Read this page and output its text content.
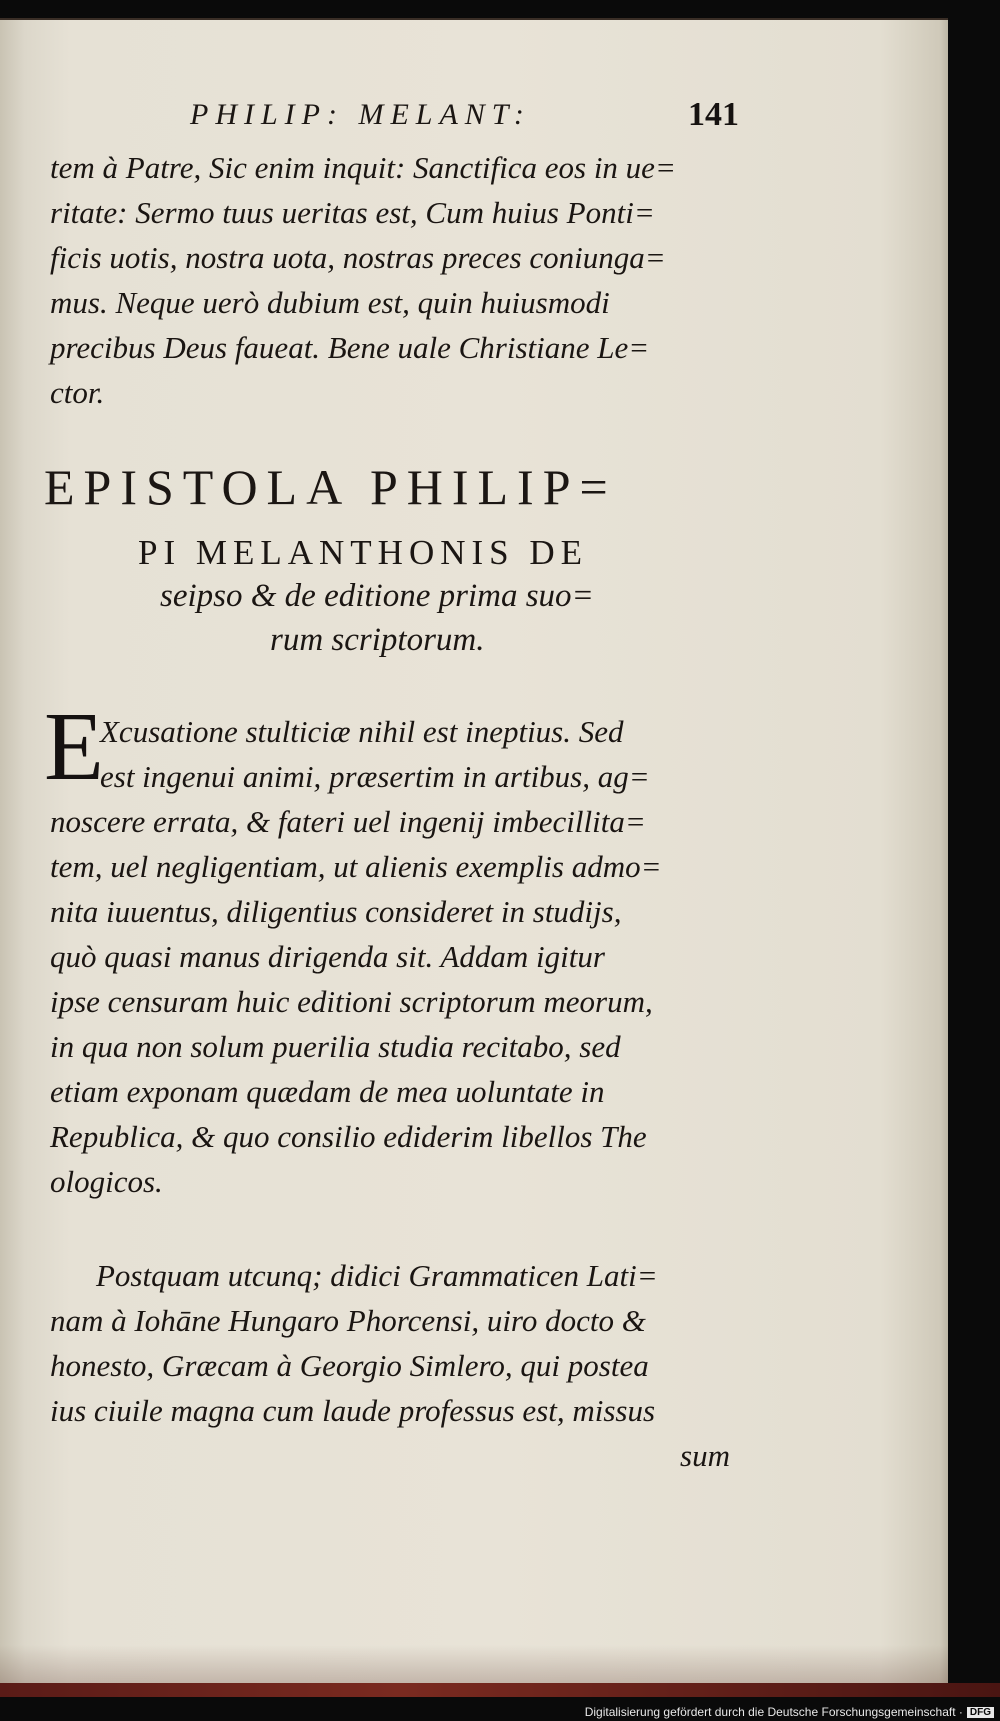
PHILIP: MELANT:	141
tem à Patre, Sic enim inquit: Sanctifica eos in ue=
ritate: Sermo tuus ueritas est, Cum huius Ponti=
ficis uotis, nostra uota, nostras preces coniunga=
mus. Neque uerò dubium est, quin huiusmodi
precibus Deus faueat. Bene uale Christiane Le=
ctor.
EPISTOLA PHILIP=
PI MELANTHONIS DE
seipso & de editione prima suo=
rum scriptorum.
E
Xcusatione stulticiæ nihil est ineptius. Sed
est ingenui animi, præsertim in artibus, ag=
noscere errata, & fateri uel ingenij imbecillita=
tem, uel negligentiam, ut alienis exemplis admo=
nita iuuentus, diligentius consideret in studijs,
quò quasi manus dirigenda sit. Addam igitur
ipse censuram huic editioni scriptorum meorum,
in qua non solum puerilia studia recitabo, sed
etiam exponam quædam de mea uoluntate in
Republica, & quo consilio ediderim libellos The
ologicos.
Postquam utcunq; didici Grammaticen Lati=
nam à Iohāne Hungaro Phorcensi, uiro docto &
honesto, Græcam à Georgio Simlero, qui postea
ius ciuile magna cum laude professus est, missus
sum
Digitalisierung gefördert durch die Deutsche Forschungsgemeinschaft · DFG
